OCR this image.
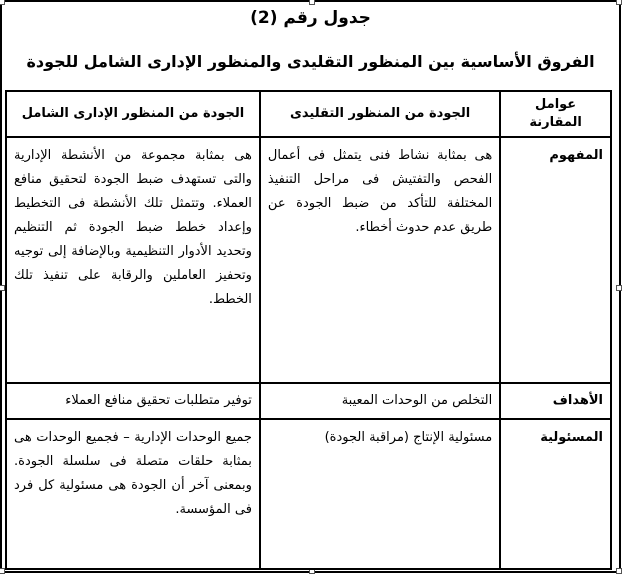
جدول رقم (2)
الفروق الأساسية بين المنظور التقليدى والمنظور الإدارى الشامل للجودة
عوامل المقارنة	الجودة من المنظور التقليدى	الجودة من المنظور الإدارى الشامل
المفهوم	هى بمثابة نشاط فنى يتمثل فى أعمال الفحص والتفتيش فى مراحل التنفيذ المختلفة للتأكد من ضبط الجودة عن طريق عدم حدوث أخطاء.	هى بمثابة مجموعة من الأنشطة الإدارية والتى تستهدف ضبط الجودة لتحقيق منافع العملاء. وتتمثل تلك الأنشطة فى التخطيط وإعداد خطط ضبط الجودة ثم التنظيم وتحديد الأدوار التنظيمية وبالإضافة إلى توجيه وتحفيز العاملين والرقابة على تنفيذ تلك الخطط.
الأهداف	التخلص من الوحدات المعيبة	توفير متطلبات تحقيق منافع العملاء
المسئولية	مسئولية الإنتاج (مراقبة الجودة)	جميع الوحدات الإدارية – فجميع الوحدات هى بمثابة حلقات متصلة فى سلسلة الجودة. وبمعنى آخر أن الجودة هى مسئولية كل فرد فى المؤسسة.
